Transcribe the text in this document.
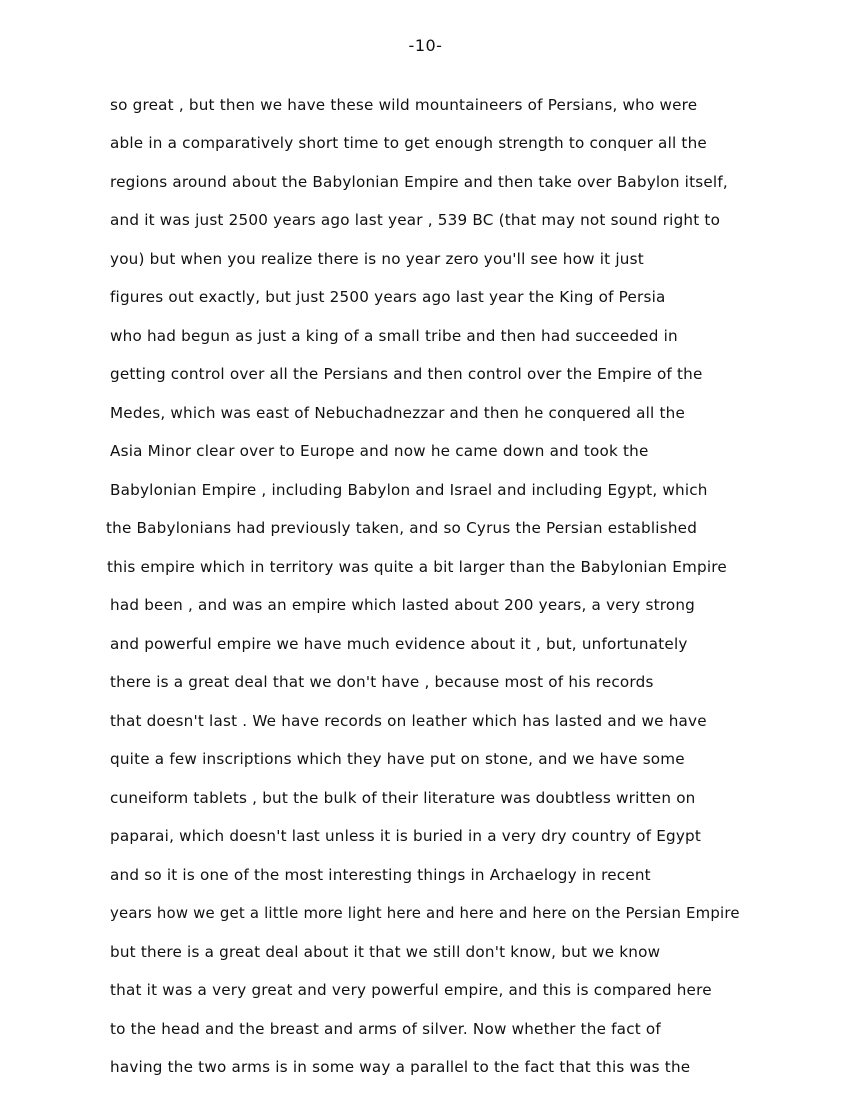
-10-
so great , but then we have these wild mountaineers of Persians, who were
able in a comparatively short time to get enough strength to conquer all the
regions around about the Babylonian Empire and then take over Babylon itself,
and it was just 2500 years ago last year , 539 BC (that may not sound right to
you) but when you realize there is no year zero you'll see how it just
figures out exactly, but just 2500 years ago last year the King of Persia
who had begun as just a king of a small tribe and then had succeeded in
getting control over all the Persians and then control over the Empire of the
Medes, which was east of Nebuchadnezzar and then he conquered all the
Asia Minor clear over to Europe and now he came down and took the
Babylonian Empire , including Babylon and Israel and including Egypt, which
the Babylonians had previously taken, and so Cyrus the Persian established
this empire which in territory was quite a bit larger than the Babylonian Empire
had been , and was an empire which lasted about 200 years, a very strong
and powerful empire we have much evidence about it , but, unfortunately
there is a great deal that we don't have , because most of his records
that doesn't last . We have records on leather which has lasted and we have
quite a few inscriptions which they have put on stone, and we have some
cuneiform tablets , but the bulk of their literature was doubtless written on
paparai, which doesn't last unless it is buried in a very dry country of Egypt
and so it is one of the most interesting things in Archaelogy in recent
years how we get a little more light here and here and here on the Persian Empire
but there is a great deal about it that we still don't know, but we know
that it was a very great and very powerful empire, and this is compared here
to the head and the breast and arms of silver. Now whether the fact of
having the two arms is in some way a parallel to the fact that this was the
